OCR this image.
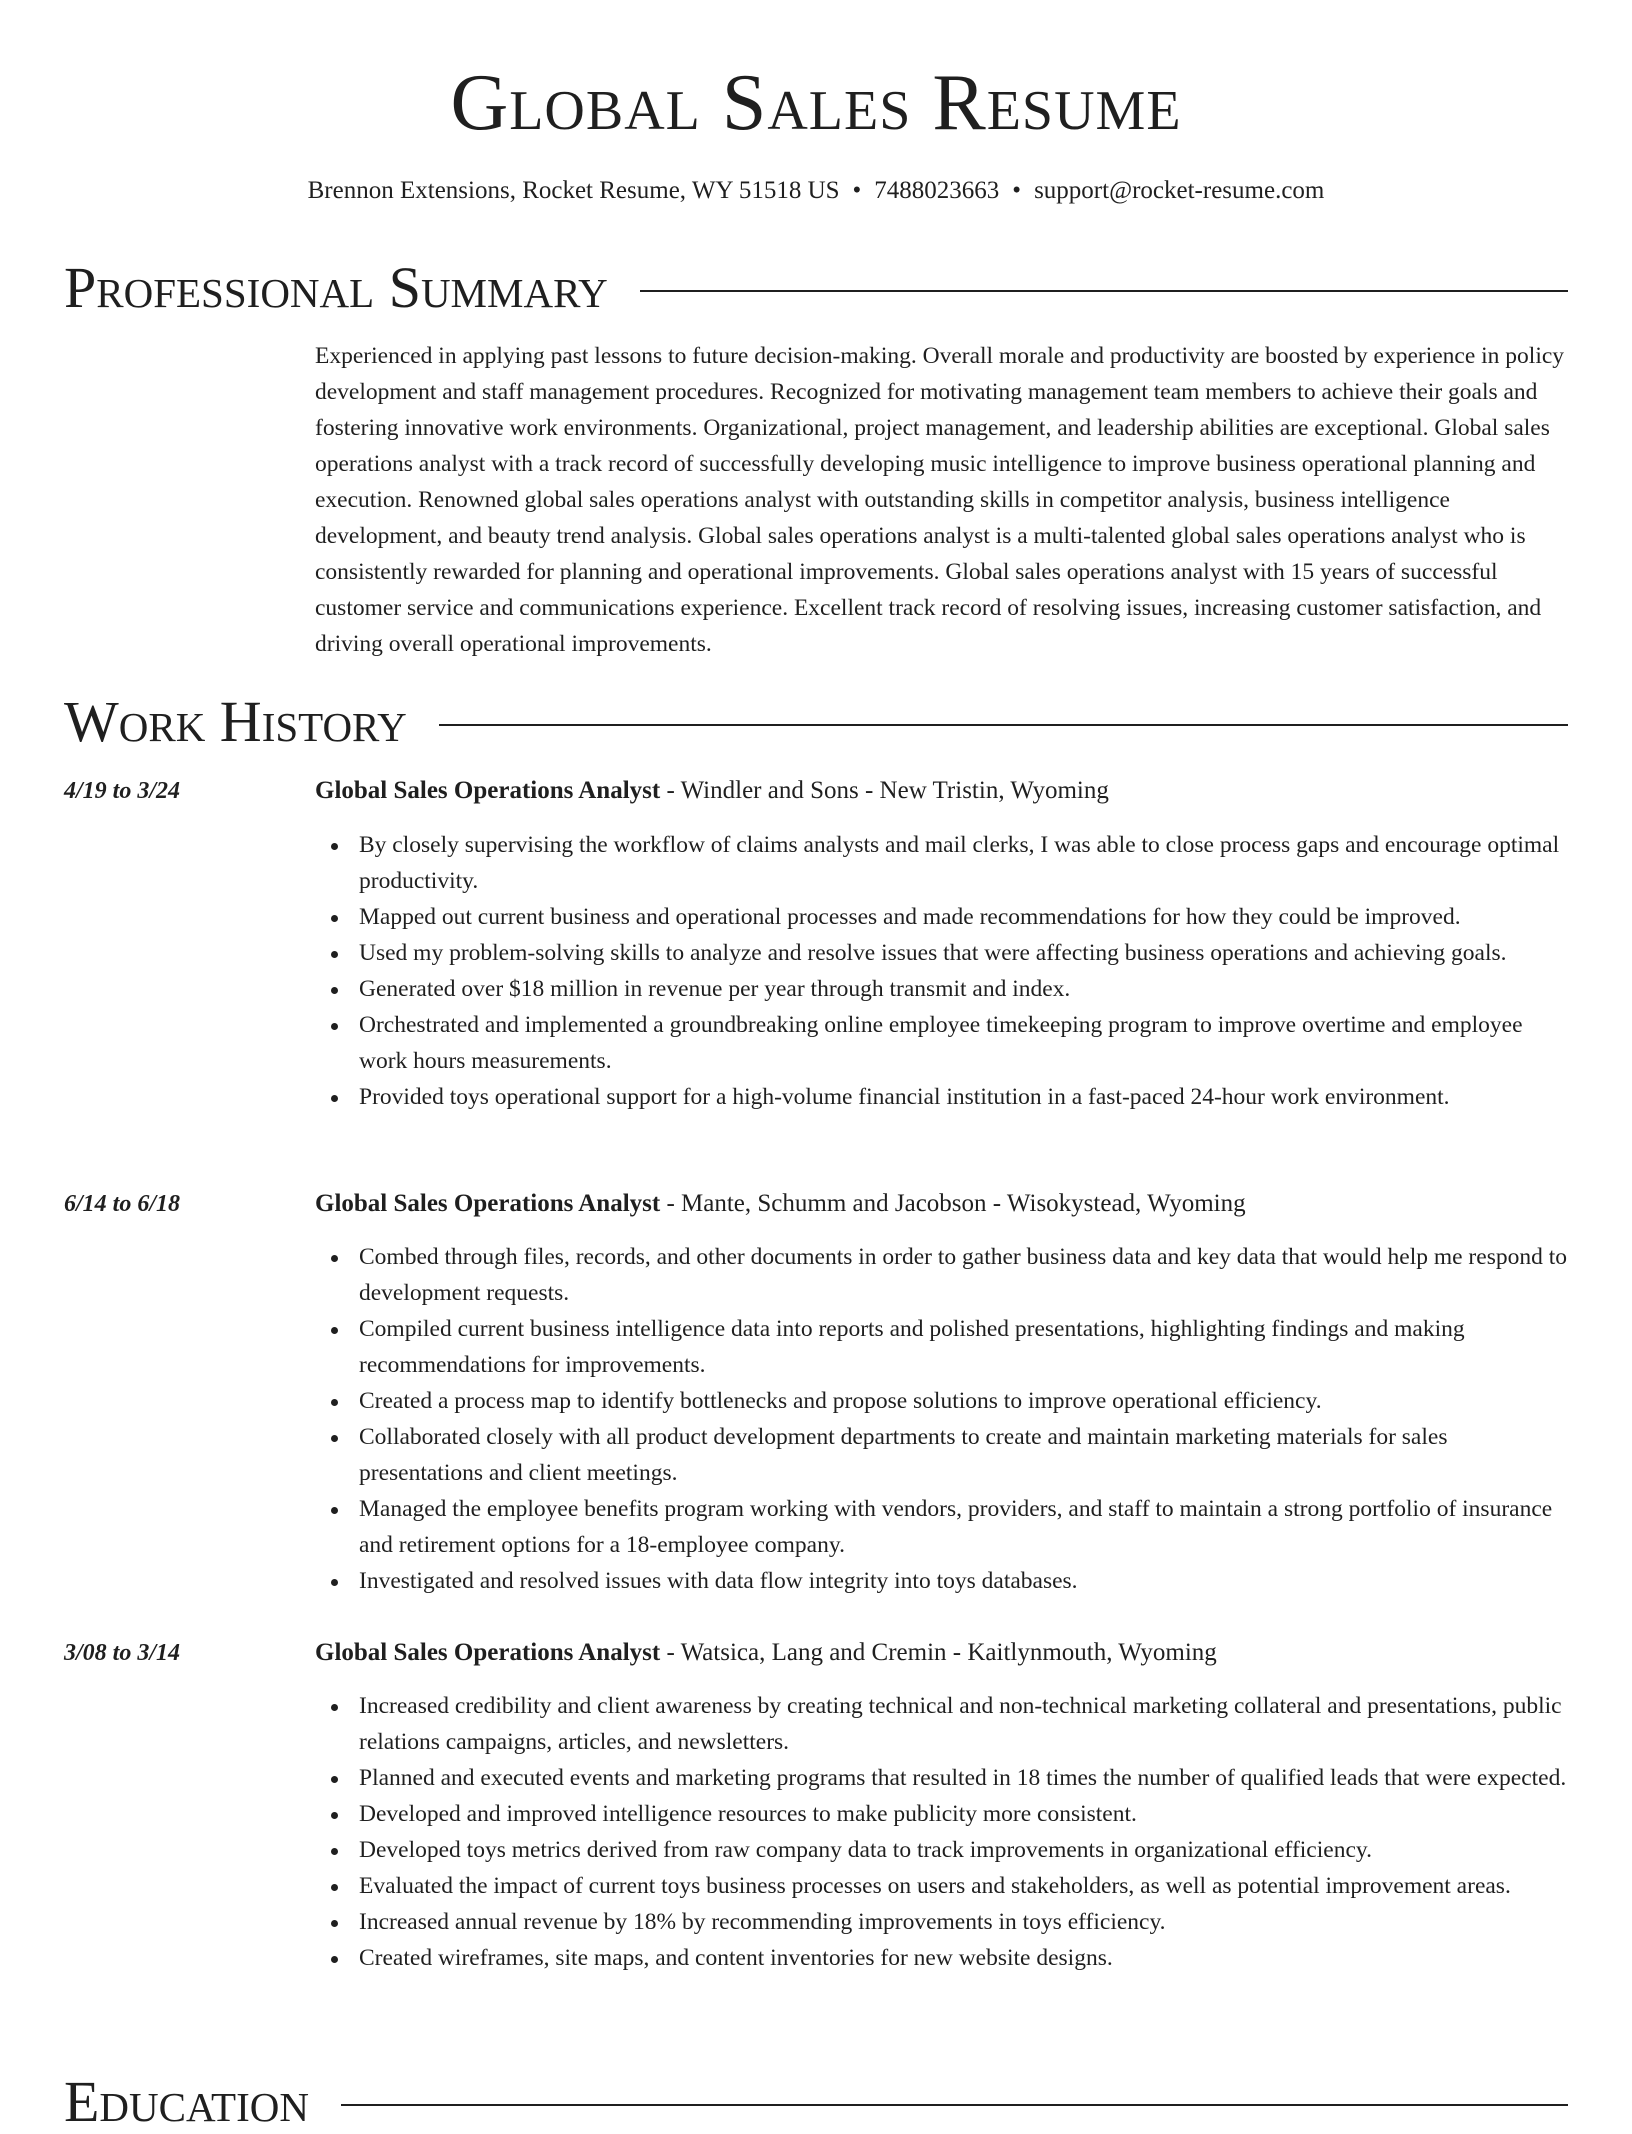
Global Sales Resume
Brennon Extensions, Rocket Resume, WY 51518 US • 7488023663 • support@rocket-resume.com
Professional Summary

Experienced in applying past lessons to future decision-making. Overall morale and productivity are boosted by experience in policy development and staff management procedures. Recognized for motivating management team members to achieve their goals and fostering innovative work environments. Organizational, project management, and leadership abilities are exceptional. Global sales operations analyst with a track record of successfully developing music intelligence to improve business operational planning and execution. Renowned global sales operations analyst with outstanding skills in competitor analysis, business intelligence development, and beauty trend analysis. Global sales operations analyst is a multi-talented global sales operations analyst who is consistently rewarded for planning and operational improvements. Global sales operations analyst with 15 years of successful customer service and communications experience. Excellent track record of resolving issues, increasing customer satisfaction, and driving overall operational improvements.

Work History
4/19 to 3/24	Global Sales Operations Analyst - Windler and Sons - New Tristin, Wyoming
By closely supervising the workflow of claims analysts and mail clerks, I was able to close process gaps and encourage optimal productivity.
Mapped out current business and operational processes and made recommendations for how they could be improved.
Used my problem-solving skills to analyze and resolve issues that were affecting business operations and achieving goals.
Generated over $18 million in revenue per year through transmit and index.
Orchestrated and implemented a groundbreaking online employee timekeeping program to improve overtime and employee work hours measurements.
Provided toys operational support for a high-volume financial institution in a fast-paced 24-hour work environment.
6/14 to 6/18	Global Sales Operations Analyst - Mante, Schumm and Jacobson - Wisokystead, Wyoming
Combed through files, records, and other documents in order to gather business data and key data that would help me respond to development requests.
Compiled current business intelligence data into reports and polished presentations, highlighting findings and making recommendations for improvements.
Created a process map to identify bottlenecks and propose solutions to improve operational efficiency.
Collaborated closely with all product development departments to create and maintain marketing materials for sales presentations and client meetings.
Managed the employee benefits program working with vendors, providers, and staff to maintain a strong portfolio of insurance and retirement options for a 18-employee company.
Investigated and resolved issues with data flow integrity into toys databases.
3/08 to 3/14	Global Sales Operations Analyst - Watsica, Lang and Cremin - Kaitlynmouth, Wyoming
Increased credibility and client awareness by creating technical and non-technical marketing collateral and presentations, public relations campaigns, articles, and newsletters.
Planned and executed events and marketing programs that resulted in 18 times the number of qualified leads that were expected.
Developed and improved intelligence resources to make publicity more consistent.
Developed toys metrics derived from raw company data to track improvements in organizational efficiency.
Evaluated the impact of current toys business processes on users and stakeholders, as well as potential improvement areas.
Increased annual revenue by 18% by recommending improvements in toys efficiency.
Created wireframes, site maps, and content inventories for new website designs.
Education
